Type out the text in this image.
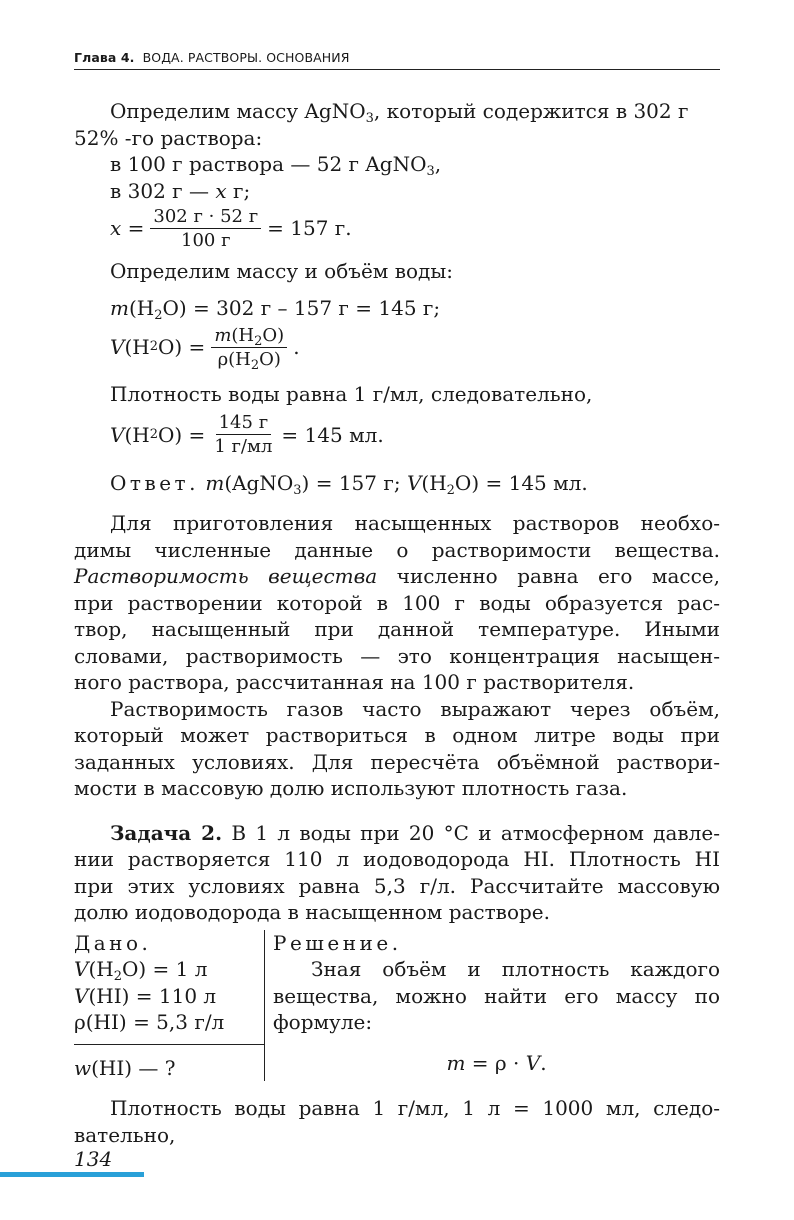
Глава 4. ВОДА. РАСТВОРЫ. ОСНОВАНИЯ

Определим массу AgNO$_3$, который содержится в 302 г

52% -го раствора:

в 100 г раствора — 52 г AgNO$_3$,

в 302 г — x г;

$x = \frac{302 г \cdot 52 г}{100 г} = 157$ г.

Определим массу и объём воды:

$m(H_2O) = 302$ г – 157 г = 145 г;

V (H 2 $O) = \frac{m(H_2O)}{\rho(H_2O)}$ .

Плотность воды равна 1 г/мл, следовательно,

V (H 2 $O) = \frac{145 г}{1 г/мл} = 145$ мл.

Ответ. m(AgNO$_3$) = 157 г; $V(H_2O) = 145$ мл.

Для приготовления насыщенных растворов необхо-

димы численные данные о растворимости вещества.

Растворимость вещества численно равна его массе,

при растворении которой в 100 г воды образуется рас-

твор, насыщенный при данной температуре. Иными

словами, растворимость — это концентрация насыщен-

ного раствора, рассчитанная на 100 г растворителя.

Растворимость газов часто выражают через объём,

который может раствориться в одном литре воды при

заданных условиях. Для пересчёта объёмной раствори-

мости в массовую долю используют плотность газа.

Задача 2. В 1 л воды при 20 °С и атмосферном давле-

нии растворяется 110 л иодоводорода HI. Плотность HI

при этих условиях равна 5,3 г/л. Рассчитайте массовую

долю иодоводорода в насыщенном растворе.

Дано.

$V(H_2O) = 1$ л

V(HI) = 110 л

ρ(HI) = 5,3 г/л

w(HI) — ?

Решение.

Зная объём и плотность каждого

вещества, можно найти его массу по

формуле:

m = ρ · V.

Плотность воды равна 1 г/мл, 1 л = 1000 мл, следо-

вательно,

134
